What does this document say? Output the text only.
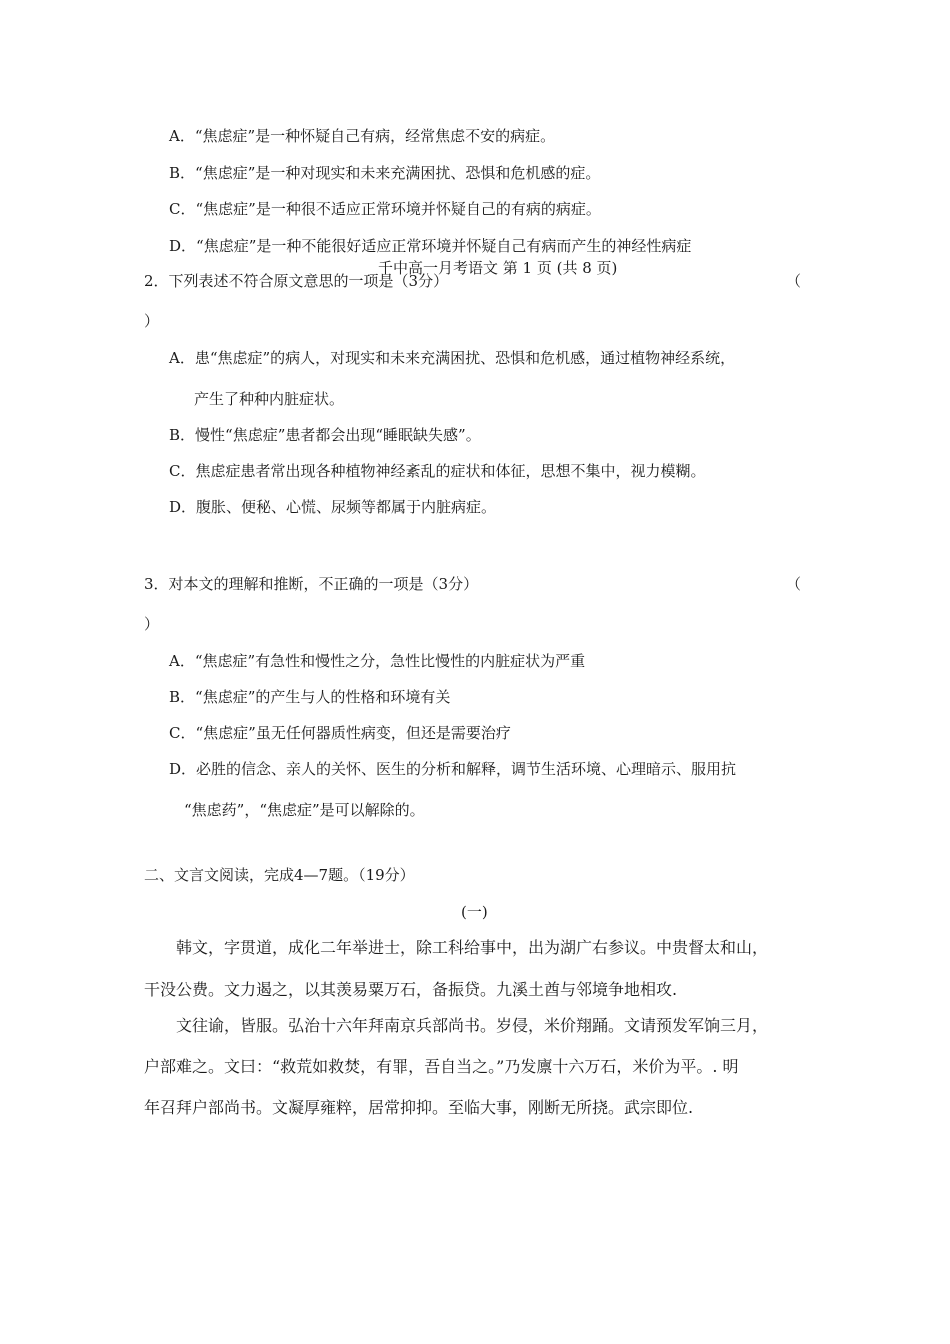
A．“焦虑症”是一种怀疑自己有病，经常焦虑不安的病症。
B．“焦虑症”是一种对现实和未来充满困扰、恐惧和危机感的症。
C．“焦虑症”是一种很不适应正常环境并怀疑自己的有病的病症。
D．“焦虑症”是一种不能很好适应正常环境并怀疑自己有病而产生的神经性病症
千中高一月考语文 第 1 页 (共 8 页)
2．下列表述不符合原文意思的一项是（3分）	（
）
A．患“焦虑症”的病人，对现实和未来充满困扰、恐惧和危机感，通过植物神经系统，
产生了种种内脏症状。
B．慢性“焦虑症”患者都会出现“睡眠缺失感”。
C．焦虑症患者常出现各种植物神经紊乱的症状和体征，思想不集中，视力模糊。
D．腹胀、便秘、心慌、尿频等都属于内脏病症。
3．对本文的理解和推断，不正确的一项是（3分）	（
）
A．“焦虑症”有急性和慢性之分，急性比慢性的内脏症状为严重
B．“焦虑症”的产生与人的性格和环境有关
C．“焦虑症”虽无任何器质性病变，但还是需要治疗
D．必胜的信念、亲人的关怀、医生的分析和解释，调节生活环境、心理暗示、服用抗
“焦虑药”，“焦虑症”是可以解除的。
二、文言文阅读，完成4—7题。（19分）
(一)
韩文，字贯道，成化二年举进士，除工科给事中，出为湖广右参议。中贵督太和山，
干没公费。文力遏之，以其羡易粟万石，备振贷。九溪土酋与邻境争地相攻.
文往谕，皆服。弘治十六年拜南京兵部尚书。岁侵，米价翔踊。文请预发军饷三月，
户部难之。文曰：“救荒如救焚，有罪，吾自当之。”乃发廪十六万石，米价为平。. 明
年召拜户部尚书。文凝厚雍粹，居常抑抑。至临大事，刚断无所挠。武宗即位.
